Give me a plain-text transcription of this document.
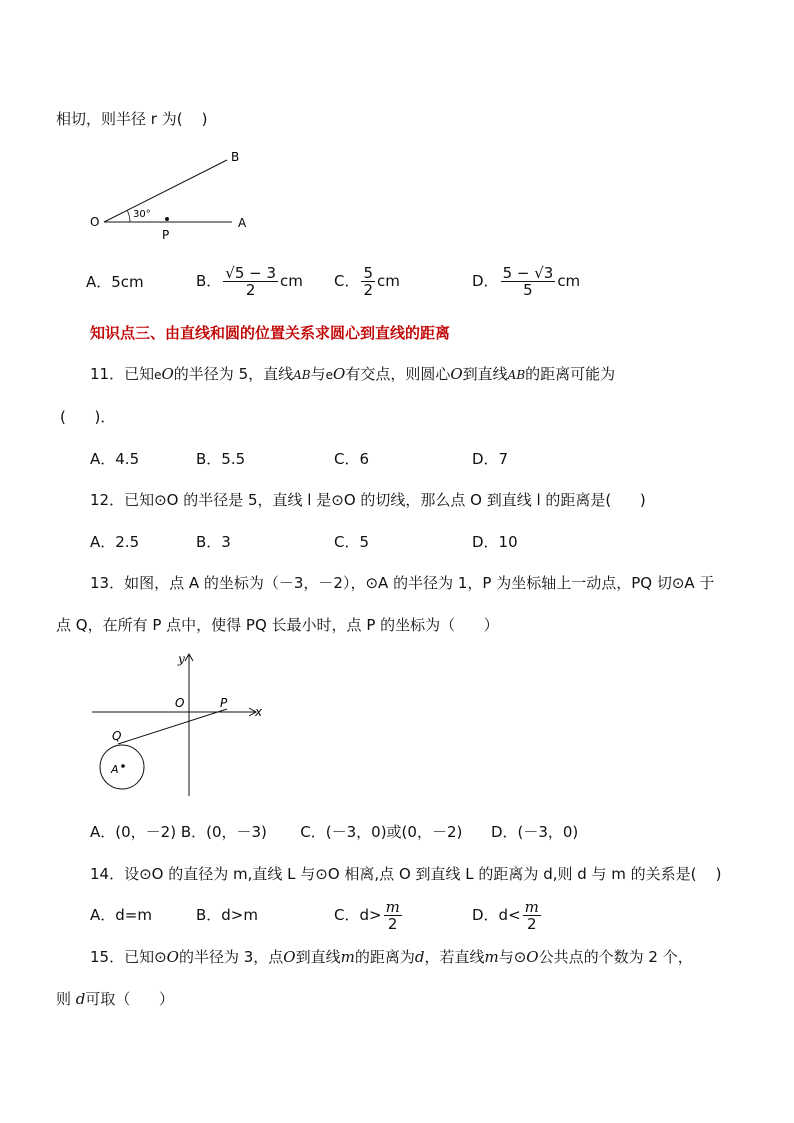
相切，则半径 r 为(    )
B
O	A
P
30°
A．5cm	B． $\frac{√5 - 3}{2}$ cm C． $\frac{5}{2}$ cm	D． $\frac{5 - √3}{5}$ cm
知识点三、由直线和圆的位置关系求圆心到直线的距离
11．已知eO的半径为 5，直线AB与eO有交点，则圆心O到直线AB的距离可能为
(      )．
A．4.5	B．5.5	C．6	D．7
12．已知⊙O 的半径是 5，直线 l 是⊙O 的切线，那么点 O 到直线 l 的距离是(      )
A．2.5	B．3	C．5	D．10
13．如图，点 A 的坐标为（－3，－2），⊙A 的半径为 1，P 为坐标轴上一动点，PQ 切⊙A 于
点 Q，在所有 P 点中，使得 PQ 长最小时，点 P 的坐标为（      ）
y
x
O	P
Q
A
A．(0，－2) B．(0，－3)       C．(－3，0)或(0，－2)      D．(－3，0)
14．设⊙O 的直径为 m,直线 L 与⊙O 相离,点 O 到直线 L 的距离为 d,则 d 与 m 的关系是(    )
A．d=m	B．d>m	C．$d> \frac{m}{2}$	D．$d< \frac{m}{2}$
15．已知⊙O的半径为 3，点O到直线m的距离为d，若直线m与⊙O公共点的个数为 2 个，
则 d可取（      ）
